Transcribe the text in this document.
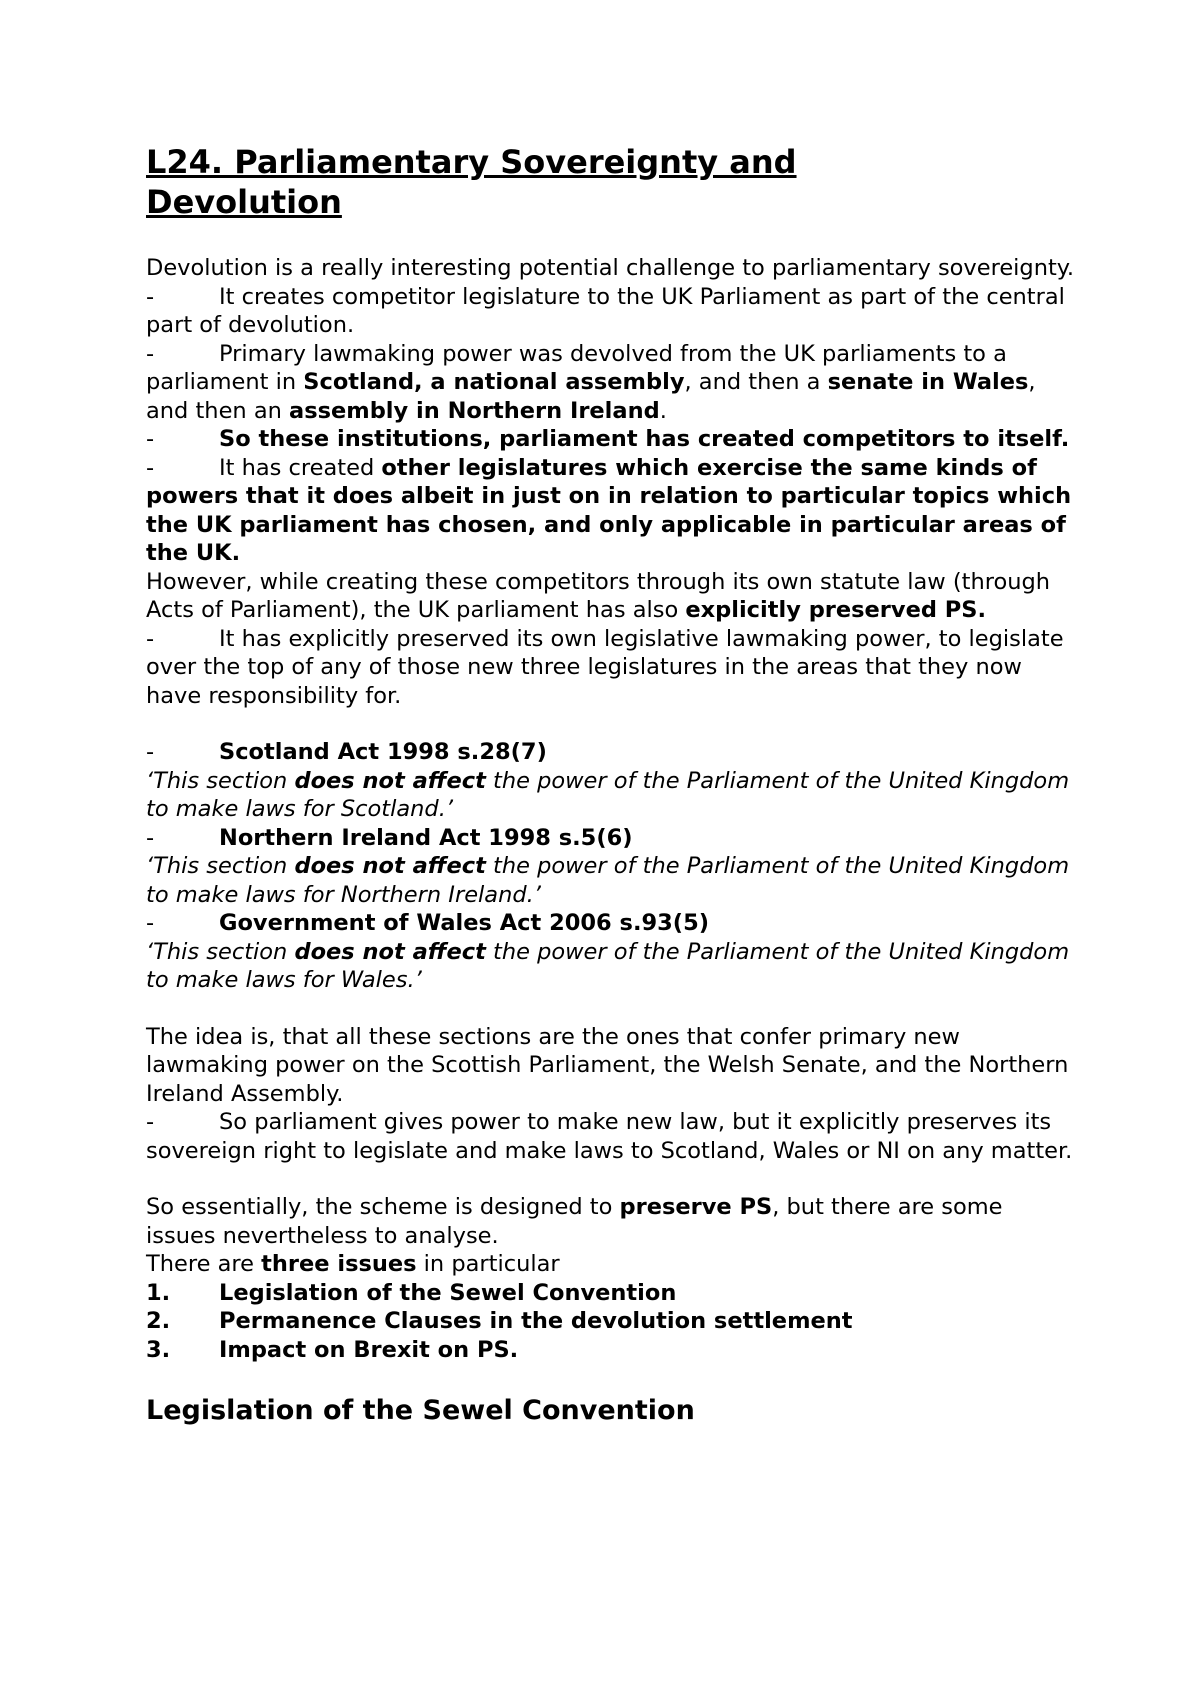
L24. Parliamentary Sovereignty and
Devolution

Devolution is a really interesting potential challenge to parliamentary sovereignty.

-	It creates competitor legislature to the UK Parliament as part of the central part of devolution.

-	Primary lawmaking power was devolved from the UK parliaments to a parliament in Scotland, a national assembly, and then a senate in Wales, and then an assembly in Northern Ireland.

-	So these institutions, parliament has created competitors to itself.

-	It has created other legislatures which exercise the same kinds of powers that it does albeit in just on in relation to particular topics which the UK parliament has chosen, and only applicable in particular areas of the UK.

However, while creating these competitors through its own statute law (through Acts of Parliament), the UK parliament has also explicitly preserved PS.

-	It has explicitly preserved its own legislative lawmaking power, to legislate over the top of any of those new three legislatures in the areas that they now have responsibility for.

-	Scotland Act 1998 s.28(7)

‘This section does not affect the power of the Parliament of the United Kingdom to make laws for Scotland.’

-	Northern Ireland Act 1998 s.5(6)

‘This section does not affect the power of the Parliament of the United Kingdom to make laws for Northern Ireland.’

-	Government of Wales Act 2006 s.93(5)

‘This section does not affect the power of the Parliament of the United Kingdom to make laws for Wales.’

The idea is, that all these sections are the ones that confer primary new lawmaking power on the Scottish Parliament, the Welsh Senate, and the Northern Ireland Assembly.

-	So parliament gives power to make new law, but it explicitly preserves its sovereign right to legislate and make laws to Scotland, Wales or NI on any matter.

So essentially, the scheme is designed to preserve PS, but there are some issues nevertheless to analyse.

There are three issues in particular

1. Legislation of the Sewel Convention

2. Permanence Clauses in the devolution settlement

3. Impact on Brexit on PS.

Legislation of the Sewel Convention
